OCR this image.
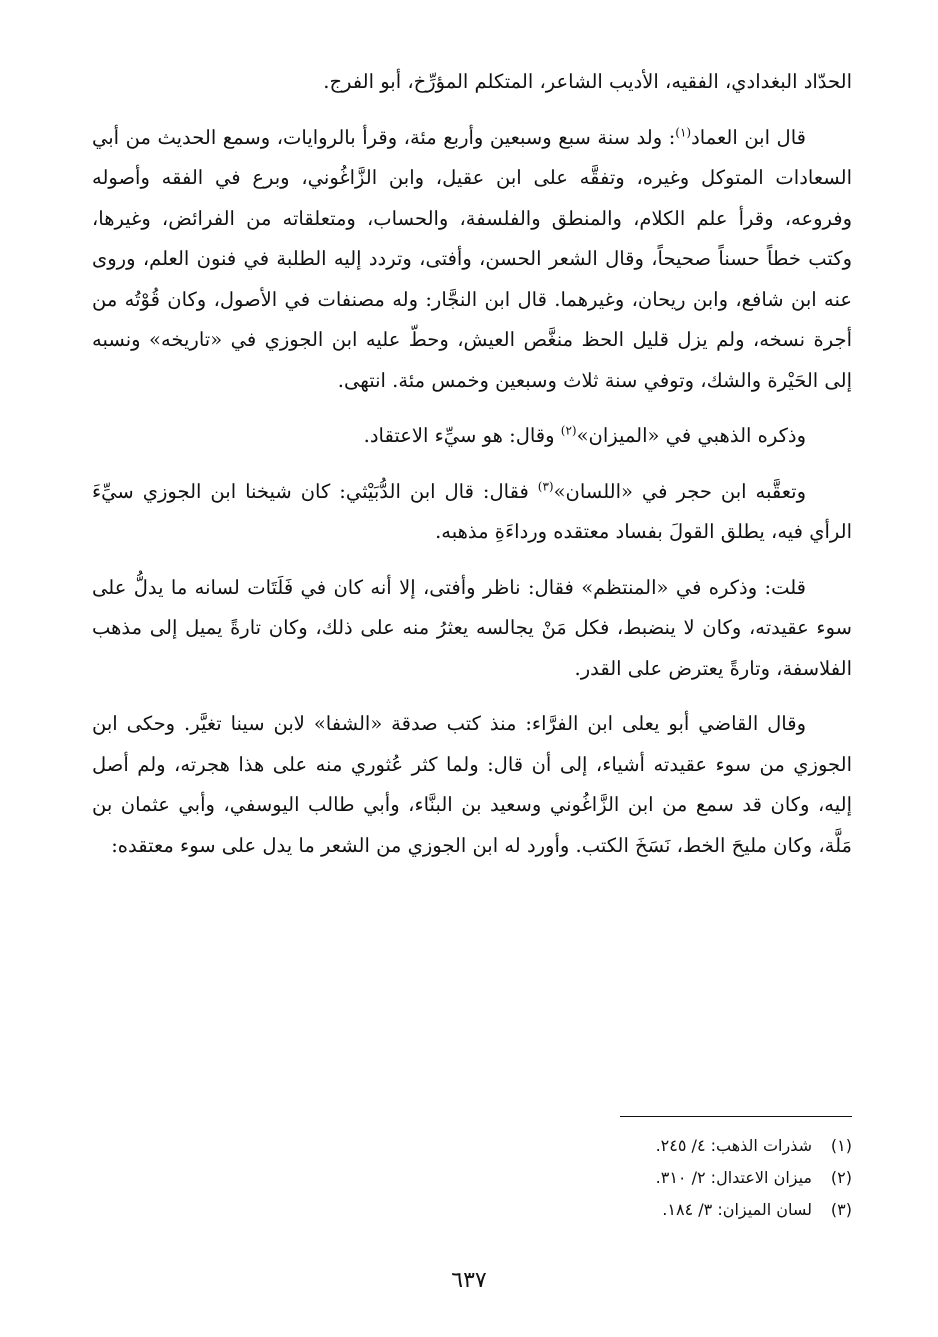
الحدّاد البغدادي، الفقيه، الأديب الشاعر، المتكلم المؤرِّخ، أبو الفرج.

قال ابن العماد$^{(١)}$: ولد سنة سبع وسبعين وأربع مئة، وقرأ بالروايات، وسمع الحديث من أبي السعادات المتوكل وغيره، وتفقَّه على ابن عقيل، وابن الزَّاغُوني، وبرع في الفقه وأصوله وفروعه، وقرأ علم الكلام، والمنطق والفلسفة، والحساب، ومتعلقاته من الفرائض، وغيرها، وكتب خطاً حسناً صحيحاً، وقال الشعر الحسن، وأفتى، وتردد إليه الطلبة في فنون العلم، وروى عنه ابن شافع، وابن ريحان، وغيرهما. قال ابن النجَّار: وله مصنفات في الأصول، وكان قُوْتُه من أجرة نسخه، ولم يزل قليل الحظ منغَّص العيش، وحطّ عليه ابن الجوزي في «تاريخه» ونسبه إلى الحَيْرة والشك، وتوفي سنة ثلاث وسبعين وخمس مئة. انتهى.

وذكره الذهبي في «الميزان»$^{(٢)}$ وقال: هو سيِّء الاعتقاد.

وتعقَّبه ابن حجر في «اللسان»$^{(٣)}$ فقال: قال ابن الدُّبَيْثي: كان شيخنا ابن الجوزي سيِّءَ الرأي فيه، يطلق القولَ بفساد معتقده ورداءَةِ مذهبه.

قلت: وذكره في «المنتظم» فقال: ناظر وأفتى، إلا أنه كان في فَلَتَات لسانه ما يدلُّ على سوء عقيدته، وكان لا ينضبط، فكل مَنْ يجالسه يعثرُ منه على ذلك، وكان تارةً يميل إلى مذهب الفلاسفة، وتارةً يعترض على القدر.

وقال القاضي أبو يعلى ابن الفرَّاء: منذ كتب صدقة «الشفا» لابن سينا تغيَّر. وحكى ابن الجوزي من سوء عقيدته أشياء، إلى أن قال: ولما كثر عُثوري منه على هذا هجرته، ولم أصل إليه، وكان قد سمع من ابن الزَّاغُوني وسعيد بن البنَّاء، وأبي طالب اليوسفي، وأبي عثمان بن مَلَّة، وكان مليحَ الخط، نَسَخَ الكتب. وأورد له ابن الجوزي من الشعر ما يدل على سوء معتقده:

(١)
شذرات الذهب: ٤/ ٢٤٥.
(٢)
ميزان الاعتدال: ٢/ ٣١٠.
(٣)
لسان الميزان: ٣/ ١٨٤.
٦٣٧
